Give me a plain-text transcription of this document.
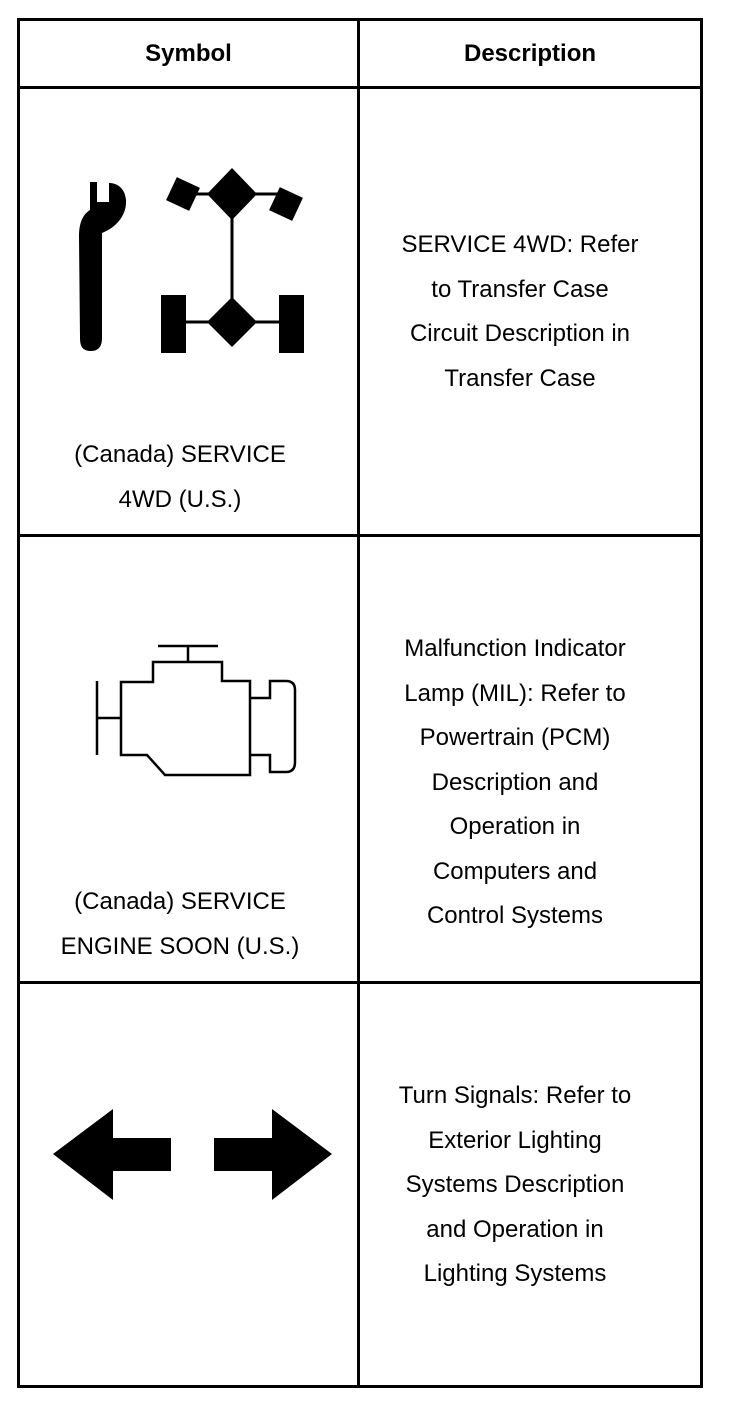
Symbol	Description
(Canada) SERVICE
4WD (U.S.)
SERVICE 4WD: Refer
to Transfer Case
Circuit Description in
Transfer Case
(Canada) SERVICE
ENGINE SOON (U.S.)
Malfunction Indicator
Lamp (MIL): Refer to
Powertrain (PCM)
Description and
Operation in
Computers and
Control Systems
Turn Signals: Refer to
Exterior Lighting
Systems Description
and Operation in
Lighting Systems
